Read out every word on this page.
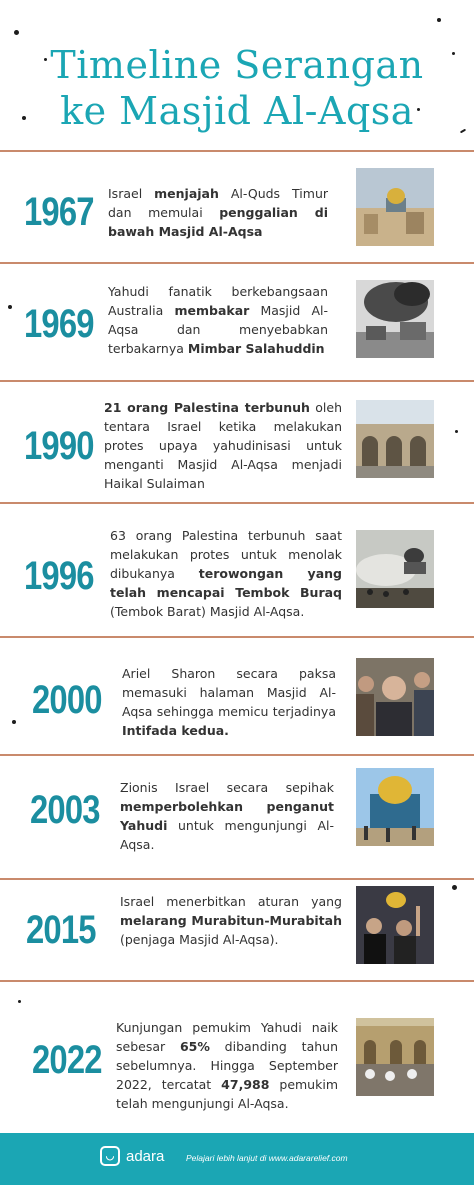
Timeline Serangan
ke Masjid Al-Aqsa
1967 Israel menjajah Al-Quds Timur dan memulai penggalian di bawah Masjid Al-Aqsa
1969
Yahudi fanatik berkebangsaan Australia membakar Masjid Al-Aqsa dan menyebabkan terbakarnya Mimbar Salahuddin
1990
21 orang Palestina terbunuh oleh tentara Israel ketika melakukan protes upaya yahudinisasi untuk menganti Masjid Al-Aqsa menjadi Haikal Sulaiman
1996
63 orang Palestina terbunuh saat melakukan protes untuk menolak dibukanya terowongan yang telah mencapai Tembok Buraq (Tembok Barat) Masjid Al-Aqsa.
2000
Ariel Sharon secara paksa memasuki halaman Masjid Al-Aqsa sehingga memicu terjadinya Intifada kedua.
2003
Zionis Israel secara sepihak memperbolehkan penganut Yahudi untuk mengunjungi Al-Aqsa.
2015
Israel menerbitkan aturan yang melarang Murabitun-Murabitah (penjaga Masjid Al-Aqsa).
2022
Kunjungan pemukim Yahudi naik sebesar 65% dibanding tahun sebelumnya. Hingga September 2022, tercatat 47,988 pemukim telah mengunjungi Al-Aqsa.
◡ adara	Pelajari lebih lanjut di www.adararelief.com
